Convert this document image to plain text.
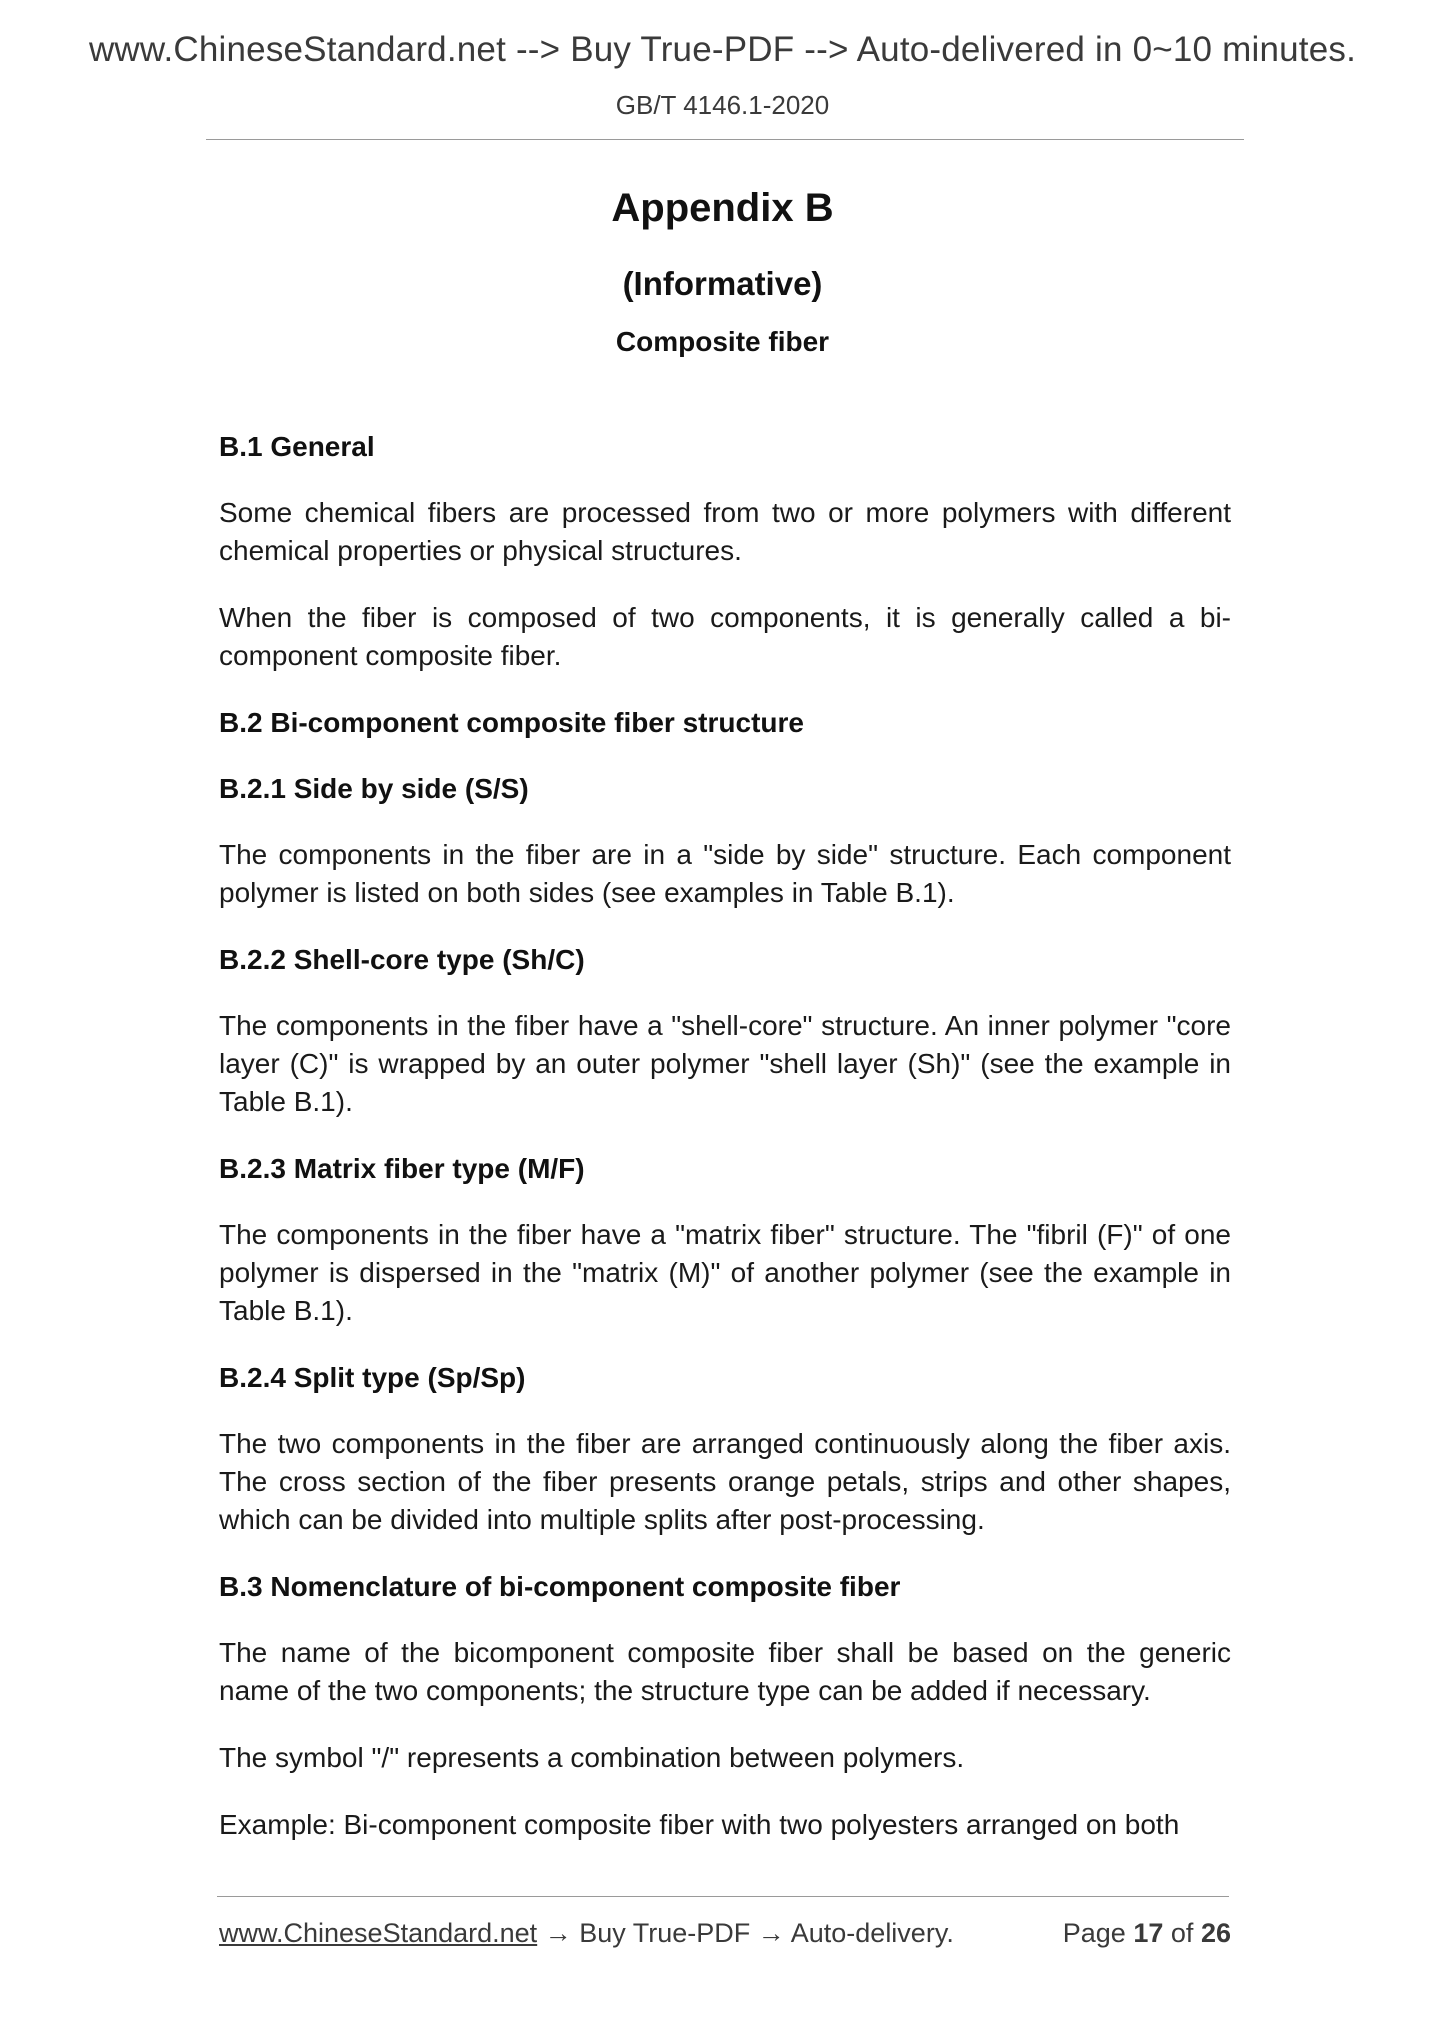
www.ChineseStandard.net --> Buy True-PDF --> Auto-delivered in 0~10 minutes.
GB/T 4146.1-2020
Appendix B
(Informative)
Composite fiber
B.1 General

Some chemical fibers are processed from two or more polymers with different chemical properties or physical structures.

When the fiber is composed of two components, it is generally called a bi-component composite fiber.

B.2 Bi-component composite fiber structure
B.2.1 Side by side (S/S)

The components in the fiber are in a "side by side" structure. Each component polymer is listed on both sides (see examples in Table B.1).

B.2.2 Shell-core type (Sh/C)

The components in the fiber have a "shell-core" structure. An inner polymer "core layer (C)" is wrapped by an outer polymer "shell layer (Sh)" (see the example in Table B.1).

B.2.3 Matrix fiber type (M/F)

The components in the fiber have a "matrix fiber" structure. The "fibril (F)" of one polymer is dispersed in the "matrix (M)" of another polymer (see the example in Table B.1).

B.2.4 Split type (Sp/Sp)

The two components in the fiber are arranged continuously along the fiber axis. The cross section of the fiber presents orange petals, strips and other shapes, which can be divided into multiple splits after post-processing.

B.3 Nomenclature of bi-component composite fiber

The name of the bicomponent composite fiber shall be based on the generic name of the two components; the structure type can be added if necessary.

The symbol "/" represents a combination between polymers.

Example: Bi-component composite fiber with two polyesters arranged on both

www.ChineseStandard.net → Buy True-PDF → Auto-delivery.	Page 17 of 26
